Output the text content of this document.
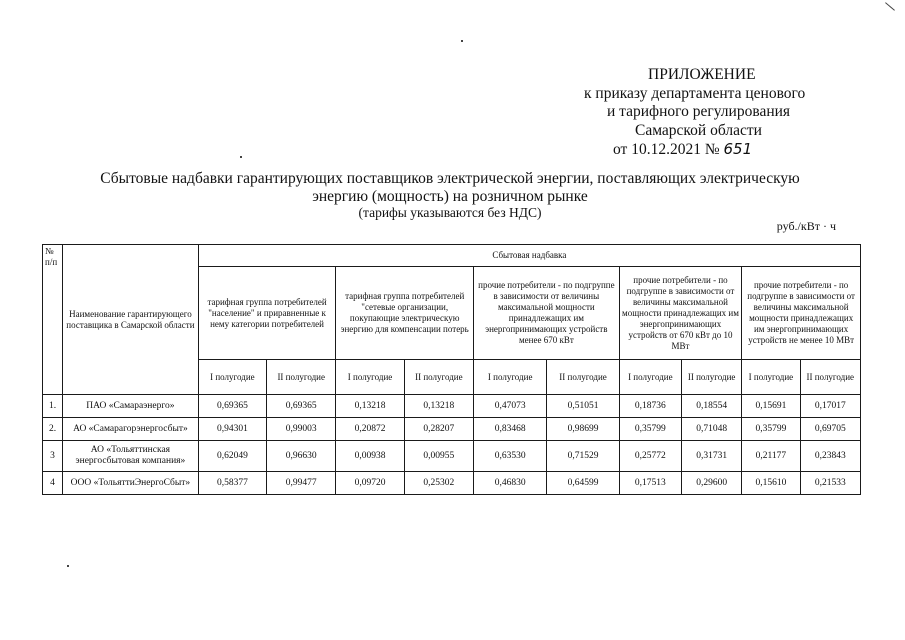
ПРИЛОЖЕНИЕ
к приказу департамента ценового
и тарифного регулирования
Самарской области
от 10.12.2021 № 651
Сбытовые надбавки гарантирующих поставщиков электрической энергии, поставляющих электрическую энергию (мощность) на розничном рынке
(тарифы указываются без НДС)
руб./кВт · ч
№ п/п	Наименование гарантирующего поставщика в Самарской области	Сбытовая надбавка									
		тарифная группа потребителей "население" и приравненные к нему категории потребителей		тарифная группа потребителей "сетевые организации, покупающие электрическую энергию для компенсации потерь		прочие потребители - по подгруппе в зависимости от величины максимальной мощности принадлежащих им энергопринимающих устройств менее 670 кВт		прочие потребители - по подгруппе в зависимости от величины максимальной мощности принадлежащих им энергопринимающих устройств от 670 кВт до 10 МВт		прочие потребители - по подгруппе в зависимости от величины максимальной мощности принадлежащих им энергопринимающих устройств не менее 10 МВт	
		I полугодие	II полугодие	I полугодие	II полугодие	I полугодие	II полугодие	I полугодие	II полугодие	I полугодие	II полугодие
1.	ПАО «Самараэнерго»	0,69365	0,69365	0,13218	0,13218	0,47073	0,51051	0,18736	0,18554	0,15691	0,17017
2.	АО «Самарагорэнергосбыт»	0,94301	0,99003	0,20872	0,28207	0,83468	0,98699	0,35799	0,71048	0,35799	0,69705
3	АО «Тольяттинская энергосбытовая компания»	0,62049	0,96630	0,00938	0,00955	0,63530	0,71529	0,25772	0,31731	0,21177	0,23843
4	ООО «ТольяттиЭнергоСбыт»	0,58377	0,99477	0,09720	0,25302	0,46830	0,64599	0,17513	0,29600	0,15610	0,21533
